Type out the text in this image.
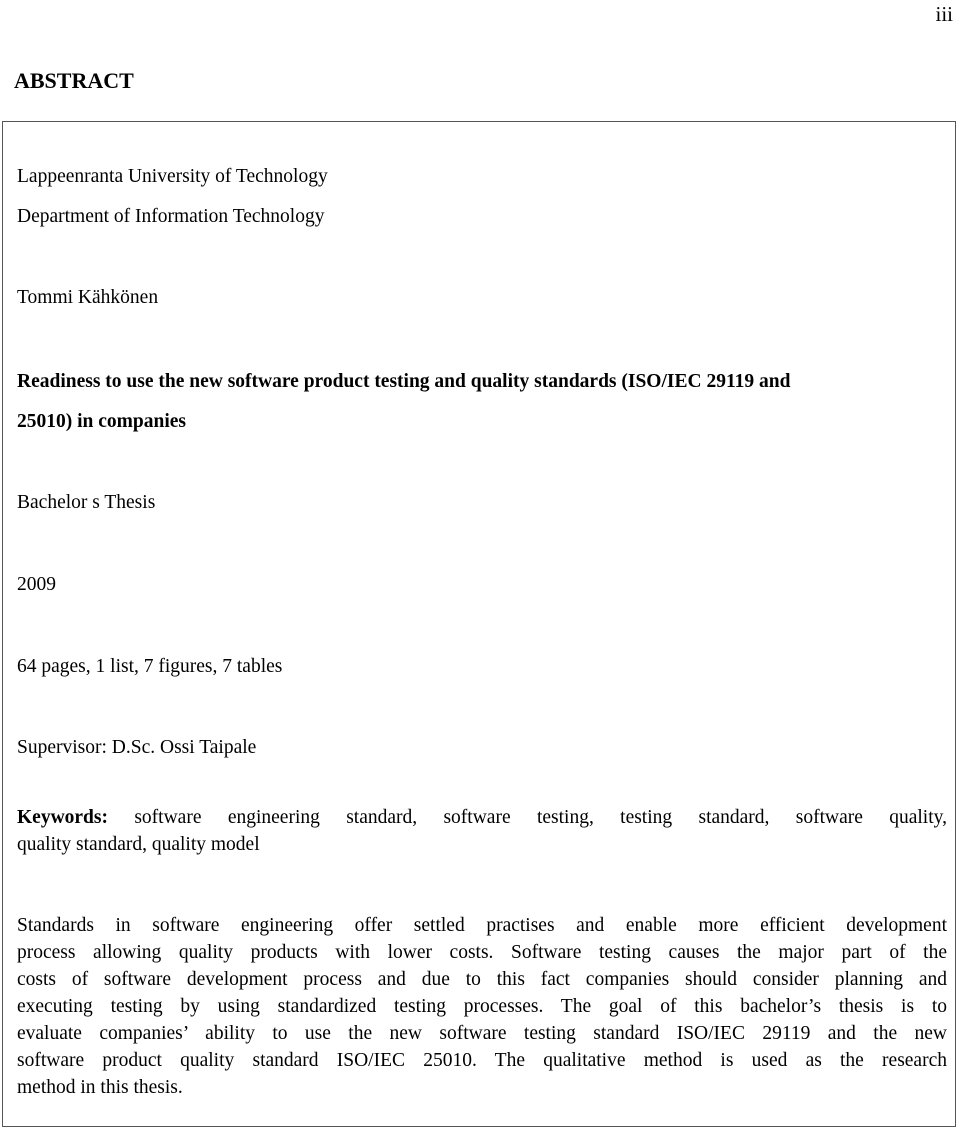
iii
ABSTRACT
Lappeenranta University of Technology
Department of Information Technology
Tommi Kähkönen
Readiness to use the new software product testing and quality standards (ISO/IEC 29119 and
25010) in companies
Bachelor s Thesis
2009
64 pages, 1 list, 7 figures, 7 tables
Supervisor: D.Sc. Ossi Taipale
Keywords: software engineering standard, software testing, testing standard, software quality,
quality standard, quality model
Standards in software engineering offer settled practises and enable more efficient development
process allowing quality products with lower costs. Software testing causes the major part of the
costs of software development process and due to this fact companies should consider planning and
executing testing by using standardized testing processes. The goal of this bachelor’s thesis is to
evaluate companies’ ability to use the new software testing standard ISO/IEC 29119 and the new
software product quality standard ISO/IEC 25010. The qualitative method is used as the research
method in this thesis.
